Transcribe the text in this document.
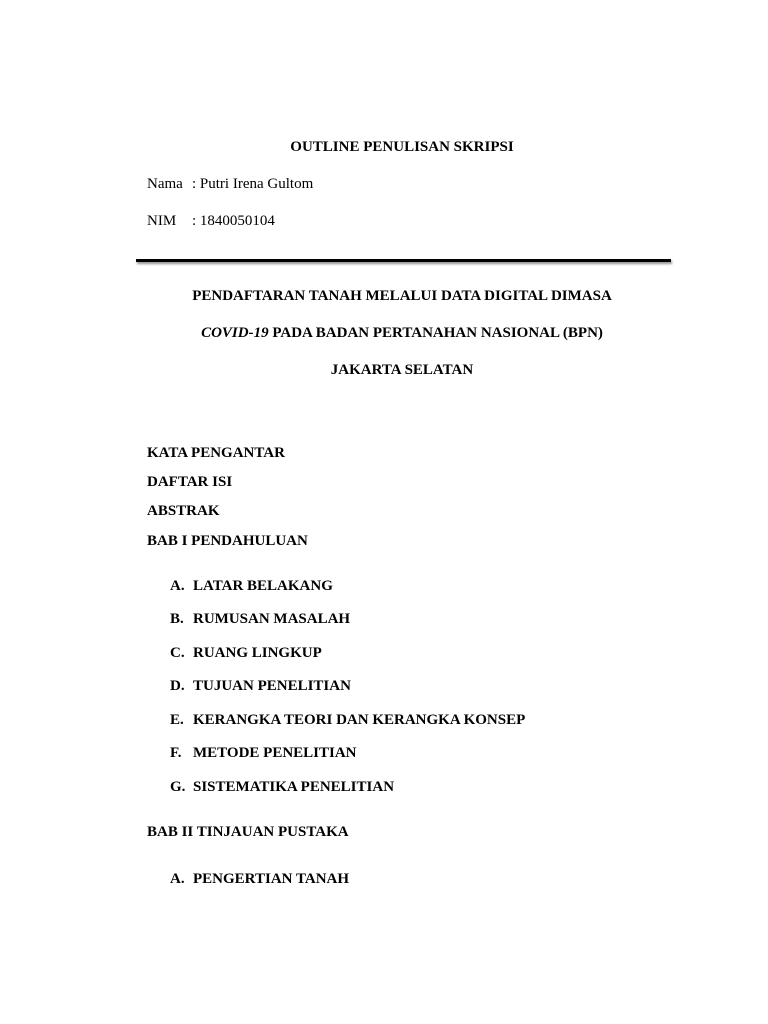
OUTLINE PENULISAN SKRIPSI
Nama : Putri Irena Gultom
NIM : 1840050104
PENDAFTARAN TANAH MELALUI DATA DIGITAL DIMASA
COVID-19 PADA BADAN PERTANAHAN NASIONAL (BPN)
JAKARTA SELATAN
KATA PENGANTAR
DAFTAR ISI
ABSTRAK
BAB I PENDAHULUAN
A. LATAR BELAKANG
B. RUMUSAN MASALAH
C. RUANG LINGKUP
D. TUJUAN PENELITIAN
E. KERANGKA TEORI DAN KERANGKA KONSEP
F. METODE PENELITIAN
G. SISTEMATIKA PENELITIAN
BAB II TINJAUAN PUSTAKA
A. PENGERTIAN TANAH
